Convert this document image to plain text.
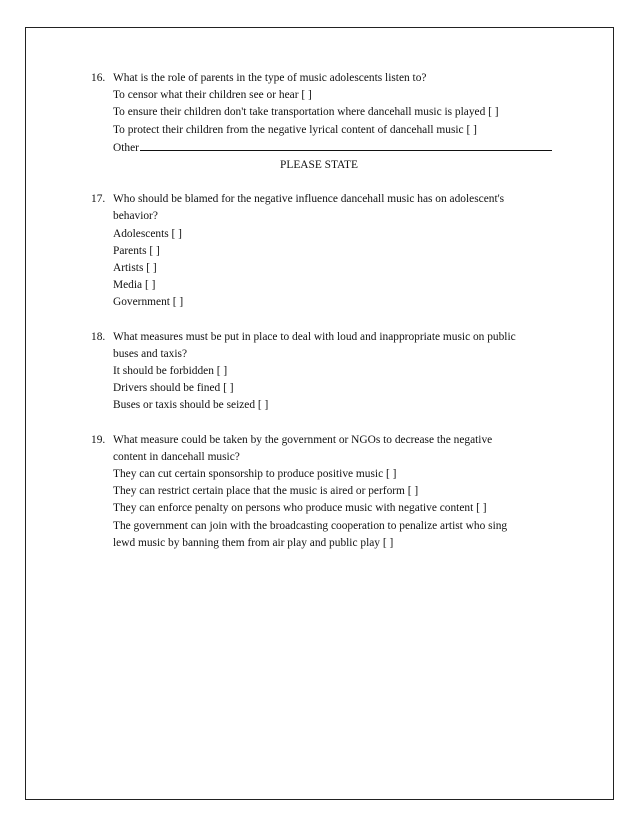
16. What is the role of parents in the type of music adolescents listen to?
To censor what their children see or hear [ ]
To ensure their children don't take transportation where dancehall music is played [ ]
To protect their children from the negative lyrical content of dancehall music [ ]
Other
PLEASE STATE
17. Who should be blamed for the negative influence dancehall music has on adolescent's
behavior?
Adolescents [ ]
Parents [ ]
Artists [ ]
Media [ ]
Government [ ]
18. What measures must be put in place to deal with loud and inappropriate music on public
buses and taxis?
It should be forbidden [ ]
Drivers should be fined [ ]
Buses or taxis should be seized [ ]
19. What measure could be taken by the government or NGOs to decrease the negative
content in dancehall music?
They can cut certain sponsorship to produce positive music [ ]
They can restrict certain place that the music is aired or perform [ ]
They can enforce penalty on persons who produce music with negative content [ ]
The government can join with the broadcasting cooperation to penalize artist who sing
lewd music by banning them from air play and public play [ ]
